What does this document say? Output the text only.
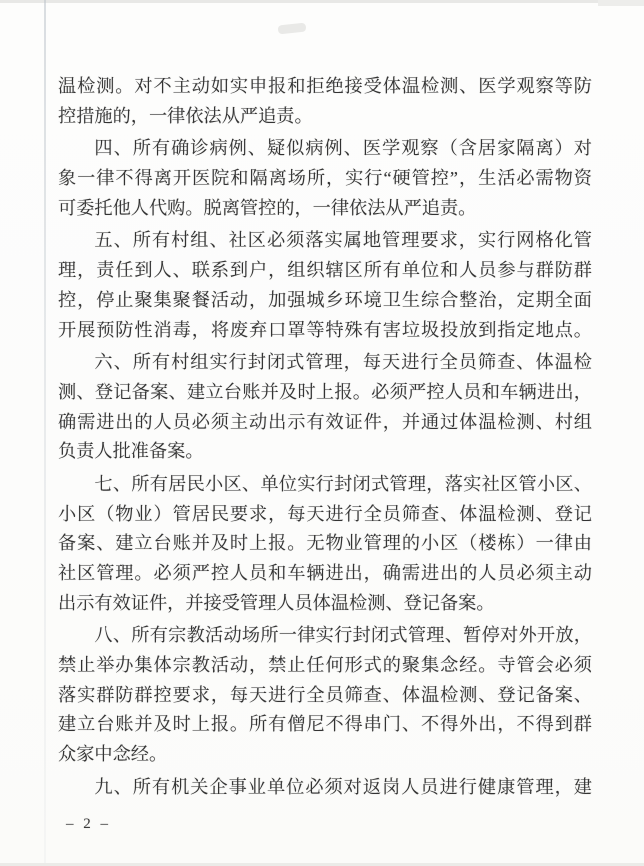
温检测。对不主动如实申报和拒绝接受体温检测、医学观察等防
控措施的，一律依法从严追责。
四、所有确诊病例、疑似病例、医学观察（含居家隔离）对
象一律不得离开医院和隔离场所，实行“硬管控”，生活必需物资
可委托他人代购。脱离管控的，一律依法从严追责。
五、所有村组、社区必须落实属地管理要求，实行网格化管
理，责任到人、联系到户，组织辖区所有单位和人员参与群防群
控，停止聚集聚餐活动，加强城乡环境卫生综合整治，定期全面
开展预防性消毒，将废弃口罩等特殊有害垃圾投放到指定地点。
六、所有村组实行封闭式管理，每天进行全员筛查、体温检
测、登记备案、建立台账并及时上报。必须严控人员和车辆进出，
确需进出的人员必须主动出示有效证件，并通过体温检测、村组
负责人批准备案。
七、所有居民小区、单位实行封闭式管理，落实社区管小区、
小区（物业）管居民要求，每天进行全员筛查、体温检测、登记
备案、建立台账并及时上报。无物业管理的小区（楼栋）一律由
社区管理。必须严控人员和车辆进出，确需进出的人员必须主动
出示有效证件，并接受管理人员体温检测、登记备案。
八、所有宗教活动场所一律实行封闭式管理、暂停对外开放，
禁止举办集体宗教活动，禁止任何形式的聚集念经。寺管会必须
落实群防群控要求，每天进行全员筛查、体温检测、登记备案、
建立台账并及时上报。所有僧尼不得串门、不得外出，不得到群
众家中念经。
九、所有机关企事业单位必须对返岗人员进行健康管理，建
– 2 –
